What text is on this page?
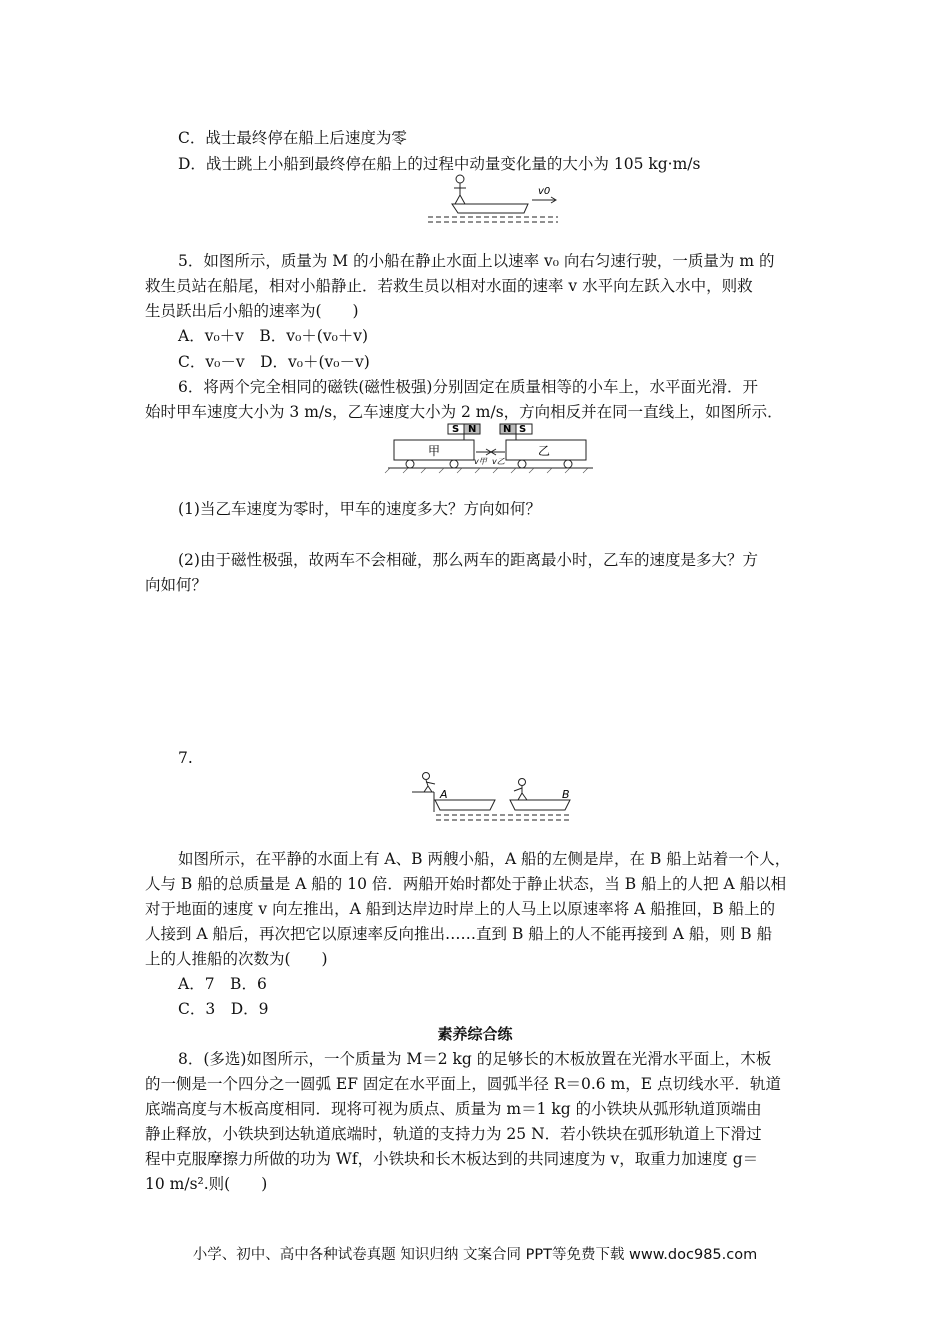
C．战士最终停在船上后速度为零
D．战士跳上小船到最终停在船上的过程中动量变化量的大小为 105 kg·m/s
v0
5．如图所示，质量为 M 的小船在静止水面上以速率 v₀ 向右匀速行驶，一质量为 m 的
救生员站在船尾，相对小船静止．若救生员以相对水面的速率 v 水平向左跃入水中，则救
生员跃出后小船的速率为(　　)
A．v₀＋v　B．v₀＋(v₀＋v)
C．v₀－v　D．v₀＋(v₀－v)
6．将两个完全相同的磁铁(磁性极强)分别固定在质量相等的小车上，水平面光滑．开
始时甲车速度大小为 3 m/s，乙车速度大小为 2 m/s，方向相反并在同一直线上，如图所示．
S N	N S
甲	乙
v甲 v乙
(1)当乙车速度为零时，甲车的速度多大？方向如何？
(2)由于磁性极强，故两车不会相碰，那么两车的距离最小时，乙车的速度是多大？方
向如何？
7.
A	B
如图所示，在平静的水面上有 A、B 两艘小船，A 船的左侧是岸，在 B 船上站着一个人，
人与 B 船的总质量是 A 船的 10 倍．两船开始时都处于静止状态，当 B 船上的人把 A 船以相
对于地面的速度 v 向左推出，A 船到达岸边时岸上的人马上以原速率将 A 船推回，B 船上的
人接到 A 船后，再次把它以原速率反向推出……直到 B 船上的人不能再接到 A 船，则 B 船
上的人推船的次数为(　　)
A．7　B．6
C．3　D．9
素养综合练
8．(多选)如图所示，一个质量为 M＝2 kg 的足够长的木板放置在光滑水平面上，木板
的一侧是一个四分之一圆弧 EF 固定在水平面上，圆弧半径 R＝0.6 m，E 点切线水平．轨道
底端高度与木板高度相同．现将可视为质点、质量为 m＝1 kg 的小铁块从弧形轨道顶端由
静止释放，小铁块到达轨道底端时，轨道的支持力为 25 N．若小铁块在弧形轨道上下滑过
程中克服摩擦力所做的功为 Wf，小铁块和长木板达到的共同速度为 v，取重力加速度 g＝
10 m/s².则(　　)
小学、初中、高中各种试卷真题 知识归纳 文案合同 PPT等免费下载 www.doc985.com
